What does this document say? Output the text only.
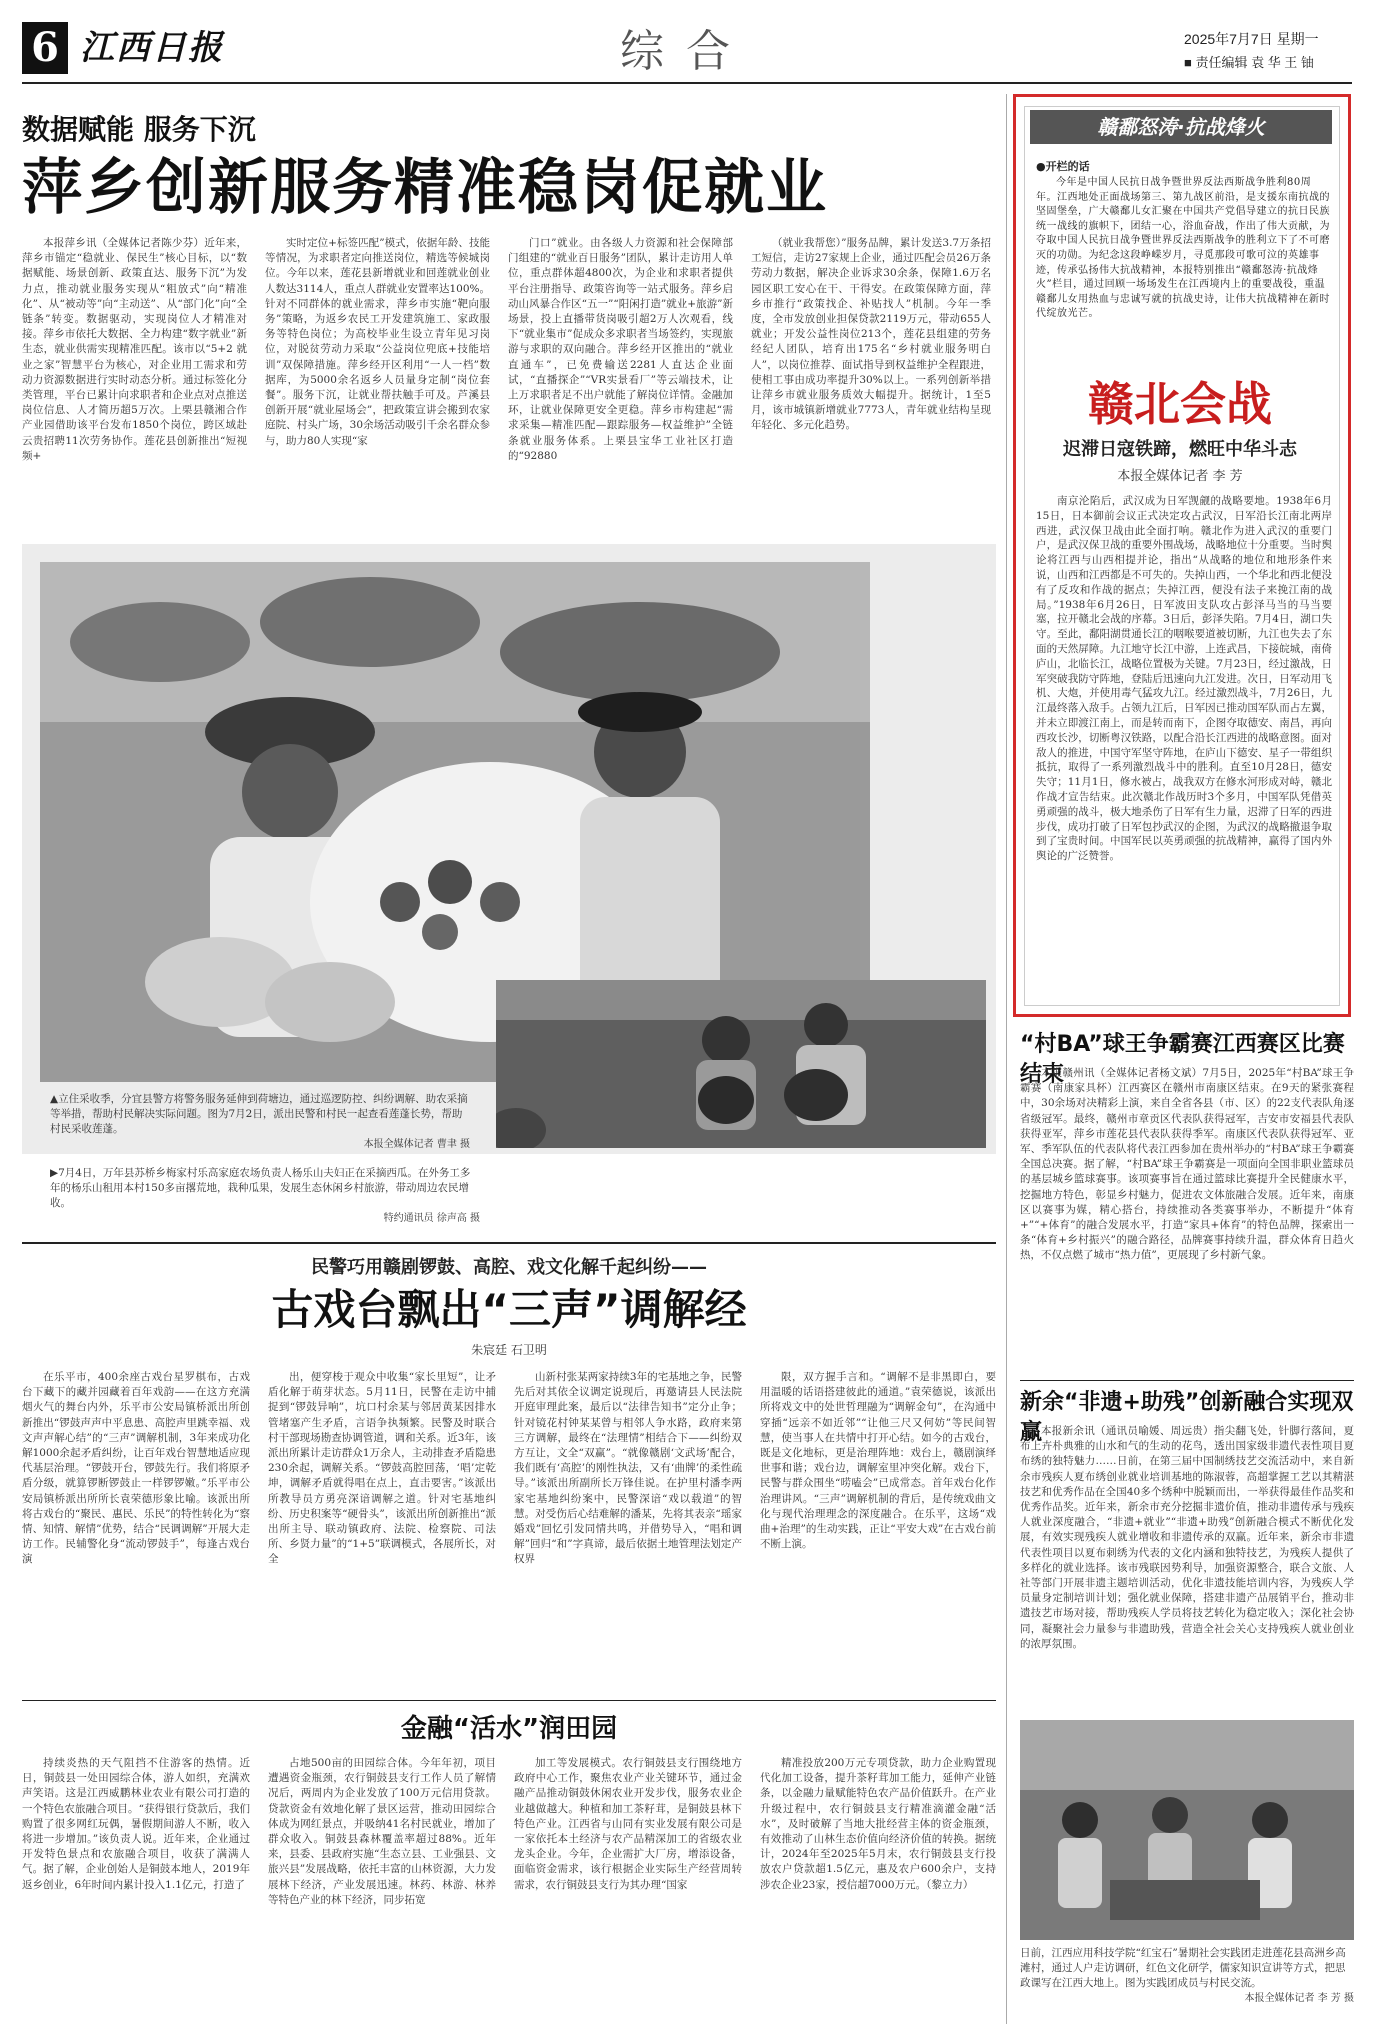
6 江西日报	综合	2025年7月7日 星期一
■ 责任编辑 袁 华 王 铀
数据赋能 服务下沉
萍乡创新服务精准稳岗促就业

本报萍乡讯（全媒体记者陈少芬）近年来，萍乡市锚定“稳就业、保民生”核心目标，以“数据赋能、场景创新、政策直达、服务下沉”为发力点，推动就业服务实现从“粗放式”向“精准化”、从“被动等”向“主动送”、从“部门化”向“全链条”转变。数据驱动，实现岗位人才精准对接。萍乡市依托大数据、全力构建“数字就业”新生态，就业供需实现精准匹配。该市以“5+2 就业之家”智慧平台为核心，对企业用工需求和劳动力资源数据进行实时动态分析。通过标签化分类管理，平台已累计向求职者和企业点对点推送岗位信息、人才简历超5万次。上栗县赣湘合作产业园借助该平台发布1850个岗位，跨区域赴云贵招聘11次劳务协作。莲花县创新推出“短视频+

实时定位+标签匹配”模式，依据年龄、技能等情况，为求职者定向推送岗位，精选等候城岗位。今年以来，莲花县新增就业和回莲就业创业人数达3114人，重点人群就业安置率达100%。针对不同群体的就业需求，萍乡市实施“靶向服务”策略，为返乡农民工开发建筑施工、家政服务等特色岗位；为高校毕业生设立青年见习岗位，对脱贫劳动力采取“公益岗位兜底+技能培训”双保障措施。萍乡经开区利用“一人一档”数据库，为5000余名返乡人员量身定制“岗位套餐”。服务下沉，让就业帮扶触手可及。芦溪县创新开展“就业屋场会”，把政策宣讲会搬到农家庭院、村头广场，30余场活动吸引千余名群众参与，助力80人实现“家

门口”就业。由各级人力资源和社会保障部门组建的“就业百日服务”团队，累计走访用人单位，重点群体超4800次，为企业和求职者提供平台注册指导、政策咨询等一站式服务。萍乡启动山风暴合作区“五一”“阳闲打造”就业+旅游”新场景，投上直播带货岗吸引超2万人次观看，线下“就业集市”促成众多求职者当场签约，实现旅游与求职的双向融合。萍乡经开区推出的“就业直通车”，已免费输送2281人直达企业面试，“直播探企”“VR实景看厂”等云端技术，让上万求职者足不出户就能了解岗位详情。金融加环，让就业保障更安全更稳。萍乡市构建起“需求采集—精准匹配—跟踪服务—权益维护”全链条就业服务体系。上栗县宝华工业社区打造的“92880

（就业我帮您）”服务品牌，累计发送3.7万条招工短信，走访27家规上企业，通过匹配会员26万条劳动力数据，解决企业诉求30余条，保障1.6万名园区职工安心在干、干得安。在政策保障方面，萍乡市推行“政策找企、补贴找人”机制。今年一季度，全市发放创业担保贷款2119万元，带动655人就业；开发公益性岗位213个，莲花县组建的劳务经纪人团队，培育出175名“乡村就业服务明白人”，以岗位推荐、面试指导到权益维护全程跟进，使相工事由成功率提升30%以上。一系列创新举措让萍乡市就业服务质效大幅提升。据统计，1至5月，该市城镇新增就业7773人，青年就业结构呈现年轻化、多元化趋势。

▲立住采收季，分宜县警方将警务服务延伸到荷塘边，通过巡逻防控、纠纷调解、助农采摘等举措，帮助村民解决实际问题。图为7月2日，派出民警和村民一起查看莲蓬长势，帮助村民采收莲蓬。
本报全媒体记者 曹聿 摄
▶7月4日，万年县苏桥乡梅家村乐高家庭农场负责人杨乐山夫妇正在采摘西瓜。在外务工多年的杨乐山租用本村150多亩撂荒地，栽种瓜果，发展生态休闲乡村旅游，带动周边农民增收。
特约通讯员 徐声高 摄
民警巧用赣剧锣鼓、高腔、戏文化解千起纠纷——
古戏台飘出“三声”调解经
朱宸廷 石卫明

在乐平市，400余座古戏台星罗棋布，古戏台下藏下的藏并园藏着百年戏韵——在这方充满烟火气的舞台内外，乐平市公安局镇桥派出所创新推出“锣鼓声声中平息患、高腔声里跳幸福、戏文声声解心结”的“三声”调解机制，3年来成功化解1000余起矛盾纠纷，让百年戏台智慧地适应现代基层治理。“锣鼓开台，锣鼓先行。我们将原矛盾分级，就算锣断锣鼓止一样锣锣嫩。”乐平市公安局镇桥派出所所长袁荣德形象比喻。该派出所将古戏台的“聚民、惠民、乐民”的特性转化为“察情、知情、解情”优势，结合“民调调解”开展大走访工作。民辅警化身“流动锣鼓手”，每逢古戏台演

出，便穿梭于观众中收集“家长里短”，让矛盾化解于萌芽状态。5月11日，民警在走访中捕捉到“锣鼓异响”，坑口村余某与邻居黄某因排水管堵塞产生矛盾，言语争执频繁。民警及时联合村干部现场勘查协调管道，调和关系。近3年，该派出所累计走访群众1万余人，主动排查矛盾隐患230余起，调解关系。“锣鼓高腔回荡，‘唱’定乾坤，调解矛盾就得唱在点上，直击要害。”该派出所教导员方勇亮深谙调解之道。针对宅基地纠纷、历史积案等“硬骨头”，该派出所创新推出“派出所主导、联动镇政府、法院、检察院、司法所、乡贤力量”的“1+5”联调模式，各展所长，对全

山新村张某两家持续3年的宅基地之争，民警先后对其依全议调定说现后，再邀请县人民法院开庭审理此案，最后以“法律告知书”定分止争；针对镜花村钟某某曾与相邻人争水路，政府来第三方调解，最终在“法理情”相结合下——纠纷双方互让，文全“双赢”。“就像赣剧‘文武场’配合，我们既有‘高腔’的刚性执法，又有‘曲牌’的柔性疏导。”该派出所副所长万锋佳说。在护里村潘李两家宅基地纠纷案中，民警深谙“戏以载道”的智慧。对受伤后心结难解的潘某，先将其表亲“瑶家婚戏”回忆引发同情共鸣，并借势导入，“唱和调解”回归“和”字真谛，最后依据土地管理法划定产权界

限，双方握手言和。“调解不是非黑即白，要用温暖的话语搭建彼此的通道。”袁荣德说，该派出所将戏文中的处世哲理融为“调解金句”，在沟通中穿插“远亲不如近邻”“让他三尺又何妨”等民间智慧，使当事人在共情中打开心结。如今的古戏台，既是文化地标，更是治理阵地：戏台上，赣剧演绎世事和谐；戏台边，调解室里冲突化解。戏台下，民警与群众围坐“唠嗑会”已成常态。首年戏台化作治理讲风。“三声”调解机制的背后，是传统戏曲文化与现代治理理念的深度融合。在乐平，这场“戏曲+治理”的生动实践，正让“平安大戏”在古戏台前不断上演。

金融“活水”润田园

持续炎热的天气阻挡不住游客的热情。近日，铜鼓县一处田园综合体，游人如织，充满欢声笑语。这是江西威鹏林业农业有限公司打造的一个特色农旅融合项目。“获得银行贷款后，我们购置了很多网红玩偶，暑假期间游人不断，收入将进一步增加。”该负责人说。近年来，企业通过开发特色景点和农旅融合项目，收获了满满人气。据了解，企业创始人是铜鼓本地人，2019年返乡创业，6年时间内累计投入1.1亿元，打造了

占地500亩的田园综合体。今年年初，项目遭遇资金瓶颈，农行铜鼓县支行工作人员了解情况后，两周内为企业发放了100万元信用贷款。贷款资金有效地化解了景区运营，推动田园综合体成为网红景点，并吸纳41名村民就业，增加了群众收入。铜鼓县森林覆盖率超过88%。近年来，县委、县政府实施“生态立县、工业强县、文旅兴县”发展战略，依托丰富的山林资源，大力发展林下经济，产业发展迅速。林药、林游、林养等特色产业的林下经济，同步拓宽

加工等发展模式。农行铜鼓县支行围绕地方政府中心工作，聚焦农业产业关键环节，通过金融产品推动铜鼓休闲农业开发步伐，服务农业企业越做越大。种植和加工茶籽茸，是铜鼓县林下特色产业。江西省与山同有实业发展有限公司是一家依托本土经济与农产品精深加工的省级农业龙头企业。今年，企业需扩大厂房，增添设备，面临资金需求，该行根据企业实际生产经营周转需求，农行铜鼓县支行为其办理“国家

精准投放200万元专项贷款，助力企业购置现代化加工设备，提升茶籽茸加工能力，延伸产业链条，以金融力量赋能特色农产品价值跃升。在产业升级过程中，农行铜鼓县支行精准滴灌金融“活水”，及时破解了当地大批经营主体的资金瓶颈，有效推动了山林生态价值向经济价值的转换。据统计，2024年至2025年5月末，农行铜鼓县支行投放农户贷款超1.5亿元，惠及农户600余户，支持涉农企业23家，授信超7000万元。（黎立力）

赣鄱怒涛·抗战烽火
●开栏的话

今年是中国人民抗日战争暨世界反法西斯战争胜利80周年。江西地处正面战场第三、第九战区前沿，是支援东南抗战的坚固堡垒，广大赣鄱儿女汇聚在中国共产党倡导建立的抗日民族统一战线的旗帜下，团结一心，浴血奋战，作出了伟大贡献，为夺取中国人民抗日战争暨世界反法西斯战争的胜利立下了不可磨灭的功勋。为纪念这段峥嵘岁月，寻觅那段可歌可泣的英雄事迹，传承弘扬伟大抗战精神，本报特别推出“赣鄱怒涛·抗战烽火”栏目，通过回顾一场场发生在江西境内上的重要战役，重温赣鄱儿女用热血与忠诚写就的抗战史诗，让伟大抗战精神在新时代绽放光芒。

赣北会战
迟滞日寇铁蹄，燃旺中华斗志
本报全媒体记者 李 芳

南京沦陷后，武汉成为日军觊觎的战略要地。1938年6月15日，日本御前会议正式决定攻占武汉，日军沿长江南北两岸西进，武汉保卫战由此全面打响。赣北作为进入武汉的重要门户，是武汉保卫战的重要外围战场，战略地位十分重要。当时舆论将江西与山西相提并论，指出“从战略的地位和地形条件来说，山西和江西都是不可失的。失掉山西，一个华北和西北便没有了反攻和作战的据点；失掉江西，便没有法子来挽江南的战局。”1938年6月26日，日军波田支队攻占彭泽马当的马当要塞，拉开赣北会战的序幕。3日后，彭泽失陷。7月4日，湖口失守。至此，鄱阳湖贯通长江的咽喉要道被切断，九江也失去了东面的天然屏障。九江地守长江中游，上连武昌，下接皖城，南倚庐山，北临长江，战略位置极为关键。7月23日，经过激战，日军突破我防守阵地，登陆后迅速向九江发进。次日，日军动用飞机、大炮，并使用毒气猛攻九江。经过激烈战斗，7月26日，九江最终落入敌手。占领九江后，日军因已推动国军队而占左翼，并未立即渡江南上，而是转而南下，企图夺取德安、南昌，再向西攻长沙，切断粤汉铁路，以配合沿长江西进的战略意图。面对敌人的推进，中国守军坚守阵地，在庐山下德安、星子一带组织抵抗，取得了一系列激烈战斗中的胜利。直至10月28日，德安失守；11月1日，修水被占，战我双方在修水河形成对峙，赣北作战才宣告结束。此次赣北作战历时3个多月，中国军队凭借英勇顽强的战斗，极大地杀伤了日军有生力量，迟滞了日军的西进步伐，成功打破了日军包抄武汉的企图，为武汉的战略撤退争取到了宝贵时间。中国军民以英勇顽强的抗战精神，赢得了国内外舆论的广泛赞誉。

“村BA”球王争霸赛江西赛区比赛结束

本报赣州讯（全媒体记者杨文斌）7月5日，2025年“村BA”球王争霸赛（南康家具杯）江西赛区在赣州市南康区结束。在9天的紧张赛程中，30余场对决精彩上演，来自全省各县（市、区）的22支代表队角逐省级冠军。最终，赣州市章贡区代表队获得冠军，吉安市安福县代表队获得亚军，萍乡市莲花县代表队获得季军。南康区代表队获得冠军、亚军、季军队伍的代表队将代表江西参加在贵州举办的“村BA”球王争霸赛全国总决赛。据了解，“村BA”球王争霸赛是一项面向全国非职业篮球员的基层城乡篮球赛事。该项赛事旨在通过篮球比赛提升全民健康水平，挖掘地方特色，彰显乡村魅力，促进农文体旅融合发展。近年来，南康区以赛事为媒，精心搭台，持续推动各类赛事举办，不断提升“体育+”“+体育”的融合发展水平，打造“家具+体育”的特色品牌，探索出一条“体育+乡村振兴”的融合路径，品牌赛事持续升温，群众体育日趋火热，不仅点燃了城市“热力值”，更展现了乡村新气象。

新余“非遗+助残”创新融合实现双赢

本报新余讯（通讯员喻媛、周远贵）指尖翻飞处，针脚行落间，夏布上卉朴典雅的山水和气的生动的花鸟，透出国家级非遗代表性项目夏布绣的独特魅力……日前，在第三届中国制绣技艺交流活动中，来自新余市残疾人夏布绣创业就业培训基地的陈淑蓉，高超掌握工艺以其精湛技艺和优秀作品在全国40多个绣种中脱颖而出，一举获得最佳作品奖和优秀作品奖。近年来，新余市充分挖掘非遗价值，推动非遗传承与残疾人就业深度融合，“非遗+就业”“非遗+助残”创新融合模式不断优化发展，有效实现残疾人就业增收和非遗传承的双赢。近年来，新余市非遗代表性项目以夏布刺绣为代表的文化内涵和独特技艺，为残疾人提供了多样化的就业选择。该市残联因势利导，加强资源整合，联合文旅、人社等部门开展非遗主题培训活动，优化非遗技能培训内容，为残疾人学员量身定制培训计划；强化就业保障，搭建非遗产品展销平台，推动非遗技艺市场对接，帮助残疾人学员将技艺转化为稳定收入；深化社会协同，凝聚社会力量参与非遗助残，营造全社会关心支持残疾人就业创业的浓厚氛围。

日前，江西应用科技学院“红宝石”暑期社会实践团走进莲花县高洲乡高滩村，通过人户走访调研，红色文化研学，儒家知识宣讲等方式，把思政课写在江西大地上。图为实践团成员与村民交流。
本报全媒体记者 李 芳 摄
